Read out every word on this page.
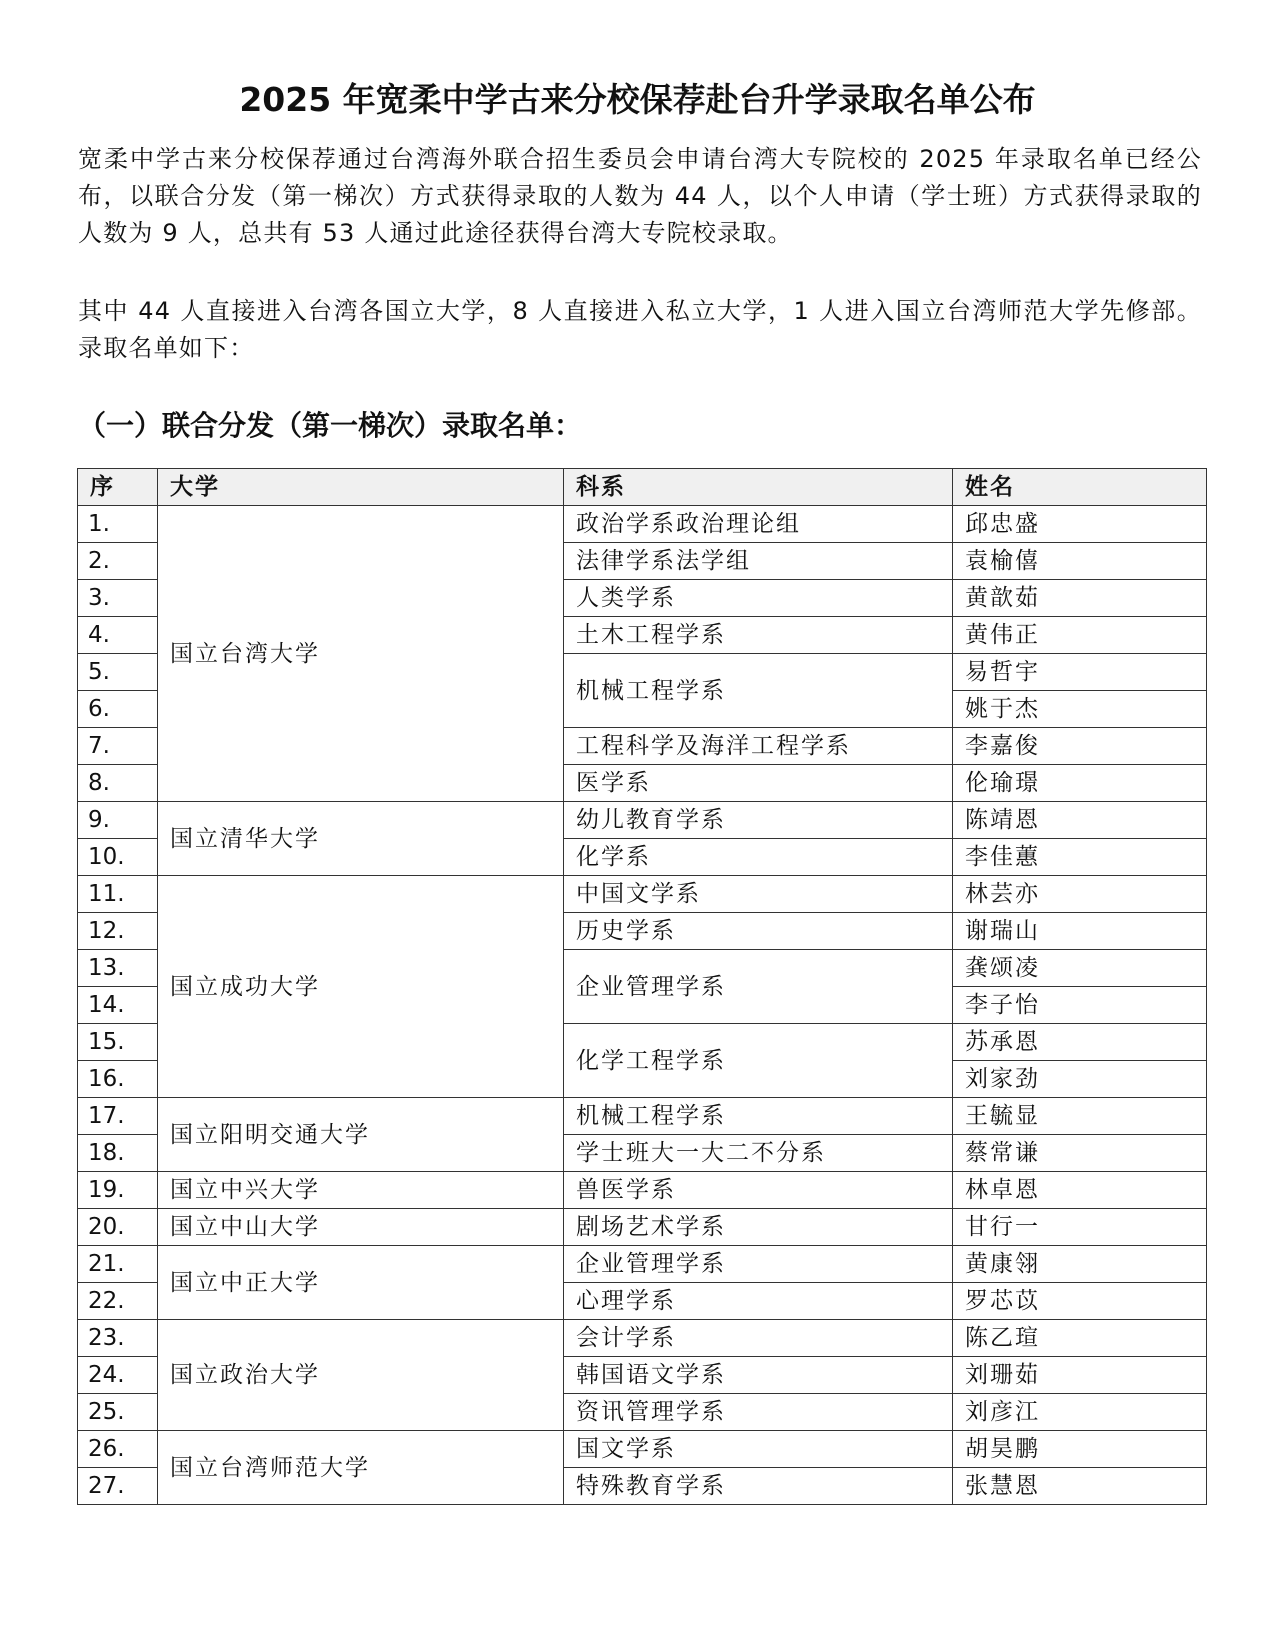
2025 年宽柔中学古来分校保荐赴台升学录取名单公布

宽柔中学古来分校保荐通过台湾海外联合招生委员会申请台湾大专院校的 2025 年录取名单已经公布，以联合分发（第一梯次）方式获得录取的人数为 44 人，以个人申请（学士班）方式获得录取的人数为 9 人，总共有 53 人通过此途径获得台湾大专院校录取。

其中 44 人直接进入台湾各国立大学，8 人直接进入私立大学，1 人进入国立台湾师范大学先修部。录取名单如下：

（一）联合分发（第一梯次）录取名单：
序	大学	科系	姓名
1.	国立台湾大学	政治学系政治理论组	邱忠盛
2.		法律学系法学组	袁榆僖
3.		人类学系	黄歆茹
4.		土木工程学系	黄伟正
5.		机械工程学系	易哲宇
6.			姚于杰
7.		工程科学及海洋工程学系	李嘉俊
8.		医学系	伦瑜璟
9.	国立清华大学	幼儿教育学系	陈靖恩
10.		化学系	李佳蕙
11.	国立成功大学	中国文学系	林芸亦
12.		历史学系	谢瑞山
13.		企业管理学系	龚颂凌
14.			李子怡
15.		化学工程学系	苏承恩
16.			刘家劲
17.	国立阳明交通大学	机械工程学系	王毓显
18.		学士班大一大二不分系	蔡常谦
19.	国立中兴大学	兽医学系	林卓恩
20.	国立中山大学	剧场艺术学系	甘行一
21.	国立中正大学	企业管理学系	黄康翎
22.		心理学系	罗芯苡
23.	国立政治大学	会计学系	陈乙瑄
24.		韩国语文学系	刘珊茹
25.		资讯管理学系	刘彦江
26.	国立台湾师范大学	国文学系	胡昊鹏
27.		特殊教育学系	张慧恩
